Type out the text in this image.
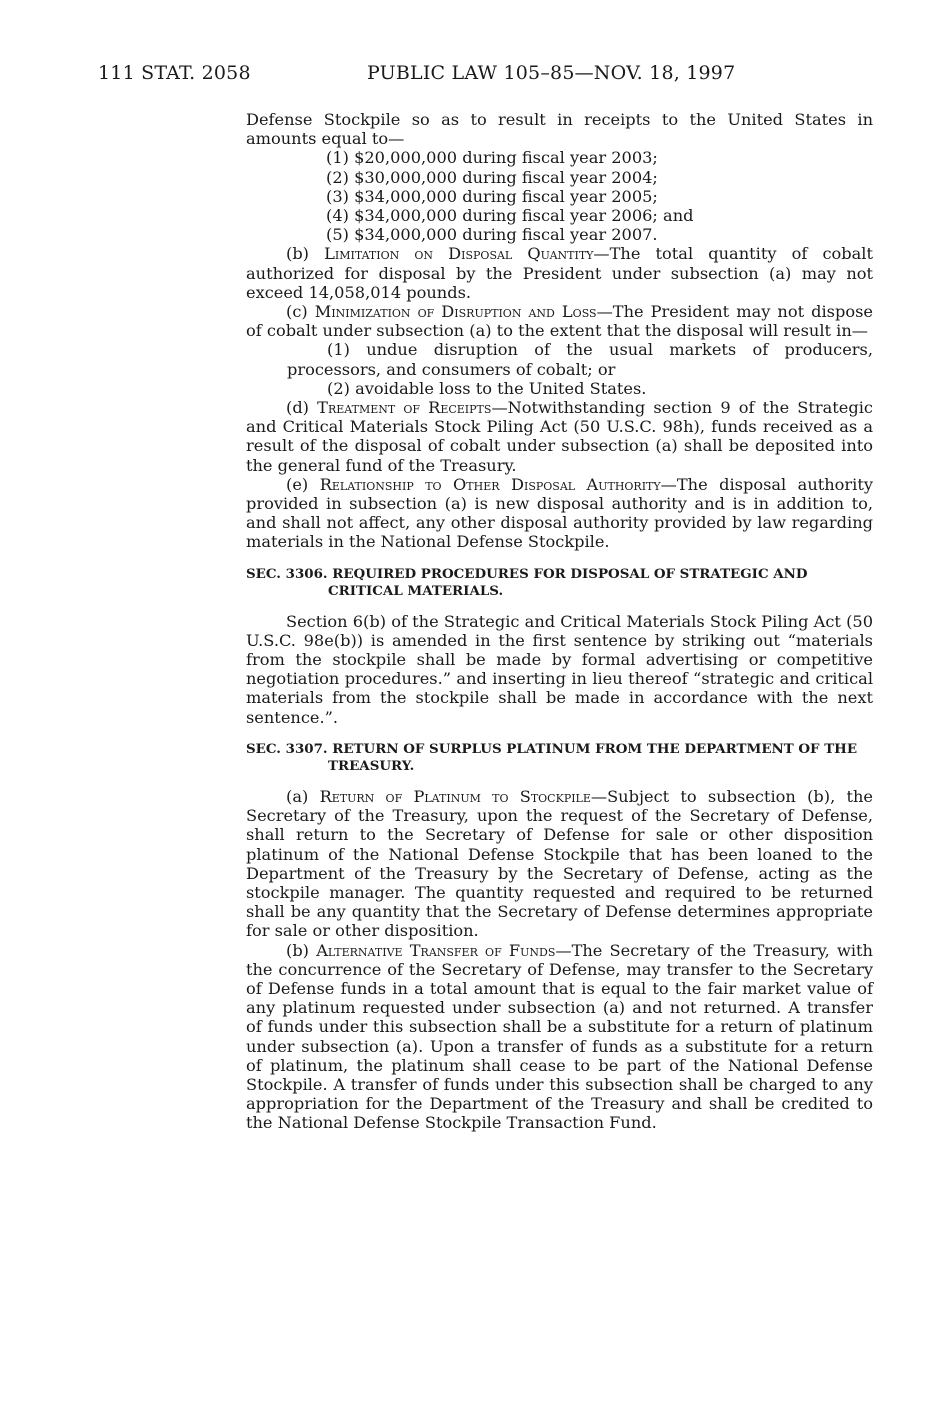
111 STAT. 2058	PUBLIC LAW 105–85—NOV. 18, 1997

Defense Stockpile so as to result in receipts to the United States in amounts equal to—

(1) $20,000,000 during fiscal year 2003;

(2) $30,000,000 during fiscal year 2004;

(3) $34,000,000 during fiscal year 2005;

(4) $34,000,000 during fiscal year 2006; and

(5) $34,000,000 during fiscal year 2007.

(b) Limitation on Disposal Quantity—The total quantity of cobalt authorized for disposal by the President under subsection (a) may not exceed 14,058,014 pounds.

(c) Minimization of Disruption and Loss—The President may not dispose of cobalt under subsection (a) to the extent that the disposal will result in—

(1) undue disruption of the usual markets of producers, processors, and consumers of cobalt; or

(2) avoidable loss to the United States.

(d) Treatment of Receipts—Notwithstanding section 9 of the Strategic and Critical Materials Stock Piling Act (50 U.S.C. 98h), funds received as a result of the disposal of cobalt under subsection (a) shall be deposited into the general fund of the Treasury.

(e) Relationship to Other Disposal Authority—The disposal authority provided in subsection (a) is new disposal authority and is in addition to, and shall not affect, any other disposal authority provided by law regarding materials in the National Defense Stockpile.

SEC. 3306. REQUIRED PROCEDURES FOR DISPOSAL OF STRATEGIC AND CRITICAL MATERIALS.

Section 6(b) of the Strategic and Critical Materials Stock Piling Act (50 U.S.C. 98e(b)) is amended in the first sentence by striking out “materials from the stockpile shall be made by formal advertising or competitive negotiation procedures.” and inserting in lieu thereof “strategic and critical materials from the stockpile shall be made in accordance with the next sentence.”.

SEC. 3307. RETURN OF SURPLUS PLATINUM FROM THE DEPARTMENT OF THE TREASURY.

(a) Return of Platinum to Stockpile—Subject to subsection (b), the Secretary of the Treasury, upon the request of the Secretary of Defense, shall return to the Secretary of Defense for sale or other disposition platinum of the National Defense Stockpile that has been loaned to the Department of the Treasury by the Secretary of Defense, acting as the stockpile manager. The quantity requested and required to be returned shall be any quantity that the Secretary of Defense determines appropriate for sale or other disposition.

(b) Alternative Transfer of Funds—The Secretary of the Treasury, with the concurrence of the Secretary of Defense, may transfer to the Secretary of Defense funds in a total amount that is equal to the fair market value of any platinum requested under subsection (a) and not returned. A transfer of funds under this subsection shall be a substitute for a return of platinum under subsection (a). Upon a transfer of funds as a substitute for a return of platinum, the platinum shall cease to be part of the National Defense Stockpile. A transfer of funds under this subsection shall be charged to any appropriation for the Department of the Treasury and shall be credited to the National Defense Stockpile Transaction Fund.
